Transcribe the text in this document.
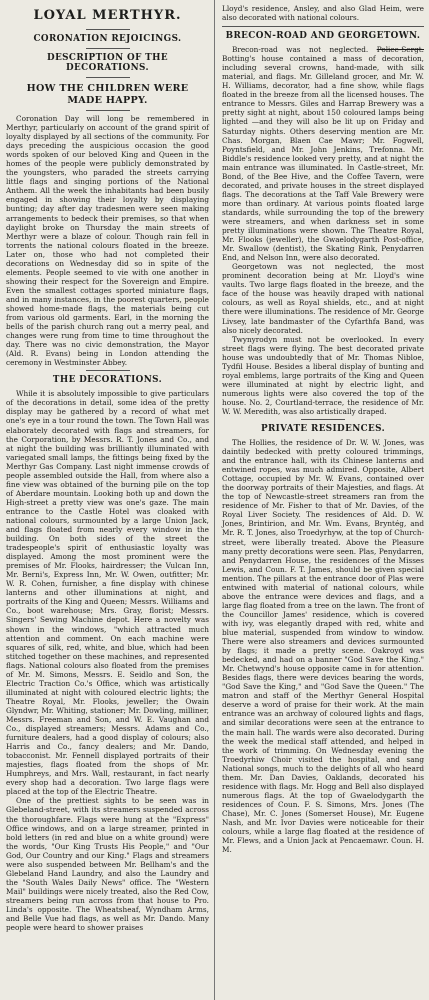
LOYAL MERTHYR.
CORONATION REJOICINGS.
DESCRIPTION OF THE DECORATIONS.
HOW THE CHILDREN WERE MADE HAPPY.

Coronation Day will long be remembered in Merthyr, particularly on account of the grand spirit of loyalty displayed by all sections of the community. For days preceding the auspicious occasion the good words spoken of our beloved King and Queen in the homes of the people were publicly demonstrated by the youngsters, who paraded the streets carrying little flags and singing portions of the National Anthem. All the week the inhabitants had been busily engaged in showing their loyalty by displaying bunting; day after day tradesmen were seen making arrangements to bedeck their premises, so that when daylight broke on Thursday the main streets of Merthyr were a blaze of colour. Though rain fell in torrents the national colours floated in the breeze. Later on, those who had not completed their decorations on Wednesday did so in spite of the elements. People seemed to vie with one another in showing their respect for the Sovereign and Empire. Even the smallest cottages sported miniature flags, and in many instances, in the poorest quarters, people showed home-made flags, the materials being cut from various old garments. Earl, in the morning the bells of the parish church rang out a merry peal, and changes were rung from time to time throughout the day. There was no civic demonstration, the Mayor (Ald. R. Evans) being in London attending the ceremony in Westminster Abbey.

THE DECORATIONS.

While it is absolutely impossible to give particulars of the decorations in detail, some idea of the pretty display may be gathered by a record of what met one's eye in a tour round the town. The Town Hall was elaborately decorated with flags and streamers, for the Corporation, by Messrs. R. T. Jones and Co., and at night the building was brilliantly illuminated with variegated small lamps, the fittings being fixed by the Merthyr Gas Company. Last night immense crowds of people assembled outside the Hall, from where also a fine view was obtained of the burning pile on the top of Aberdare mountain. Looking both up and down the High-street a pretty view was one's gaze. The main entrance to the Castle Hotel was cloaked with national colours, surmounted by a large Union Jack, and flags floated from nearly every window in the building. On both sides of the street the tradespeople's spirit of enthusiastic loyalty was displayed. Among the most prominent were the premises of Mr. Flooks, hairdresser; the Vulcan Inn, Mr. Berni's, Express Inn, Mr. W. Owen, outfitter; Mr. W. R. Cohen, furnisher, a fine display with chinese lanterns and other illuminations at night, and portraits of the King and Queen; Messrs. Williams and Co., boot warehouse; Mrs. Gray, florist; Messrs. Singers' Sewing Machine depot. Here a novelty was shown in the windows, "which attracted much attention and comment. On each machine were squares of silk, red, white, and blue, which had been stitched together on these machines, and represented flags. National colours also floated from the premises of Mr. M. Simons, Messrs. E. Seidlo and Son, the Electric Traction Co.'s Office, which was artistically illuminated at night with coloured electric lights; the Theatre Royal, Mr. Flooks, jeweller; the Owain Glyndwr, Mr. Whiting, stationer; Mr. Dowling, milliner, Messrs. Freeman and Son, and W. E. Vaughan and Co., displayed streamers; Messrs. Adams and Co., furniture dealers, had a good display of colours; also Harris and Co., fancy dealers; and Mr. Dando, tobacconist. Mr. Fennell displayed portraits of their majesties, flags floated from the shops of Mr. Humphreys, and Mrs. Wall, restaurant, in fact nearly every shop had a decoration. Two large flags were placed at the top of the Electric Theatre.

One of the prettiest sights to be seen was in Glebeland-street, with its streamers suspended across the thoroughfare. Flags were hung at the "Express" Office windows, and on a large streamer, printed in bold letters (in red and blue on a white ground) were the words, "Our King Trusts His People," and "Our God, Our Country and our King." Flags and streamers were also suspended between Mr. Bellham's and the Glebeland Hand Laundry, and also the Laundry and the "South Wales Daily News" office. The "Western Mail" buildings were nicely treated, also the Red Cow, streamers being run across from that house to Pro. Linda's opposite. The Wheatsheaf, Wyndham Arms, and Belle Vue had flags, as well as Mr. Dando. Many people were heard to shower praises

Lloyd's residence, Ansley, and also Glad Heim, were also decorated with national colours.

BRECON-ROAD AND GEORGETOWN.

Brecon-road was not neglected. Police-Sergt. Botting's house contained a mass of decoration, including several crowns, hand-made, with silk material, and flags. Mr. Gilleland grocer, and Mr. W. H. Williams, decorator, had a fine show, while flags floated in the breeze from all the licensed houses. The entrance to Messrs. Giles and Harrap Brewery was a pretty sight at night, about 150 coloured lamps being lighted —and they will also be lit up on Friday and Saturday nights. Others deserving mention are Mr. Chas. Morgan, Blaen Cae Mawr; Mr. Fogwell, Poyntsfield, and Mr. John Jenkins, Trefonna. Mr. Biddle's residence looked very pretty, and at night the main entrance was illuminated. In Castle-street, Mr. Bond, of the Bee Hive, and the Coffee Tavern, were decorated, and private houses in the street displayed flags. The decorations at the Taff Vale Brewery were more than ordinary. At various points floated large standards, while surrounding the top of the brewery were streamers, and when darkness set in some pretty illuminations were shown. The Theatre Royal, Mr. Flooks (jeweller), the Gwaelodygarth Post-office, Mr. Swallow (dentist), the Skating Rink, Penydarren End, and Nelson Inn, were also decorated.

Georgetown was not neglected, the most prominent decoration being at Mr. Lloyd's wine vaults. Two large flags floated in the breeze, and the face of the house was heavily draped with national colours, as well as Royal shields, etc., and at night there were illuminations. The residence of Mr. George Livsey, late bandmaster of the Cyfarthfa Band, was also nicely decorated.

Twynyrodyn must not be overlooked. In every street flags were flying. The best decorated private house was undoubtedly that of Mr. Thomas Nibloe, Tydfil House. Besides a liberal display of bunting and royal emblems, large portraits of the King and Queen were illuminated at night by electric light, and numerous lights were also covered the top of the house. No. 2, Courtland-terrace, the residence of Mr. W. W. Meredith, was also artistically draped.

PRIVATE RESIDENCES.

The Hollies, the residence of Dr. W. W. Jones, was daintily bedecked with pretty coloured trimmings, and the entrance hall, with its Chinese lanterns and entwined ropes, was much admired. Opposite, Albert Cottage, occupied by Mr. W. Evans, contained over the doorway portraits of their Majesties, and flags. At the top of Newcastle-street streamers ran from the residence of Mr. Fisher to that of Mr. Davies, of the Royal Liver Society. The residences of Ald. D. W. Jones, Brintirion, and Mr. Wm. Evans, Bryntég, and Mr. R. T. Jones, also Troedyrhyw, at the top of Church-street, were liberally treated. Above the Pleasure many pretty decorations were seen. Plas, Penydarren, and Penydarren House, the residences of the Misses Lewis, and Coun. F. T. James, should be given special mention. The pillars at the entrance door of Plas were entwined with material of national colours, while above the entrance were devices and flags, and a large flag floated from a tree on the lawn. The front of the Councillor James' residence, which is covered with ivy, was elegantly draped with red, white and blue material, suspended from window to window. There were also streamers and devices surmounted by flags; it made a pretty scene. Oakroyd was bedecked, and had on a banner "God Save the King." Mr. Chetwynd's house opposite came in for attention. Besides flags, there were devices bearing the words, "God Save the King," and "God Save the Queen." The matron and staff of the Merthyr General Hospital deserve a word of praise for their work. At the main entrance was an archway of coloured lights and flags, and similar decorations were seen at the entrance to the main hall. The wards were also decorated. During the week the medical staff attended, and helped in the work of trimming. On Wednesday evening the Troedyrhiw Choir visited the hospital, and sang National songs, much to the delights of all who heard them. Mr. Dan Davies, Oaklands, decorated his residence with flags. Mr. Hogg and Bell also displayed numerous flags. At the top of Gwaelodygarth the residences of Coun. F. S. Simons, Mrs. Jones (The Chase), Mr. C. Jones (Somerset House), Mr. Eugene Nash, and Mr. Ivor Davies were noticeable for their colours, while a large flag floated at the residence of Mr. Flews, and a Union Jack at Pencaemawr. Coun. H. M.
